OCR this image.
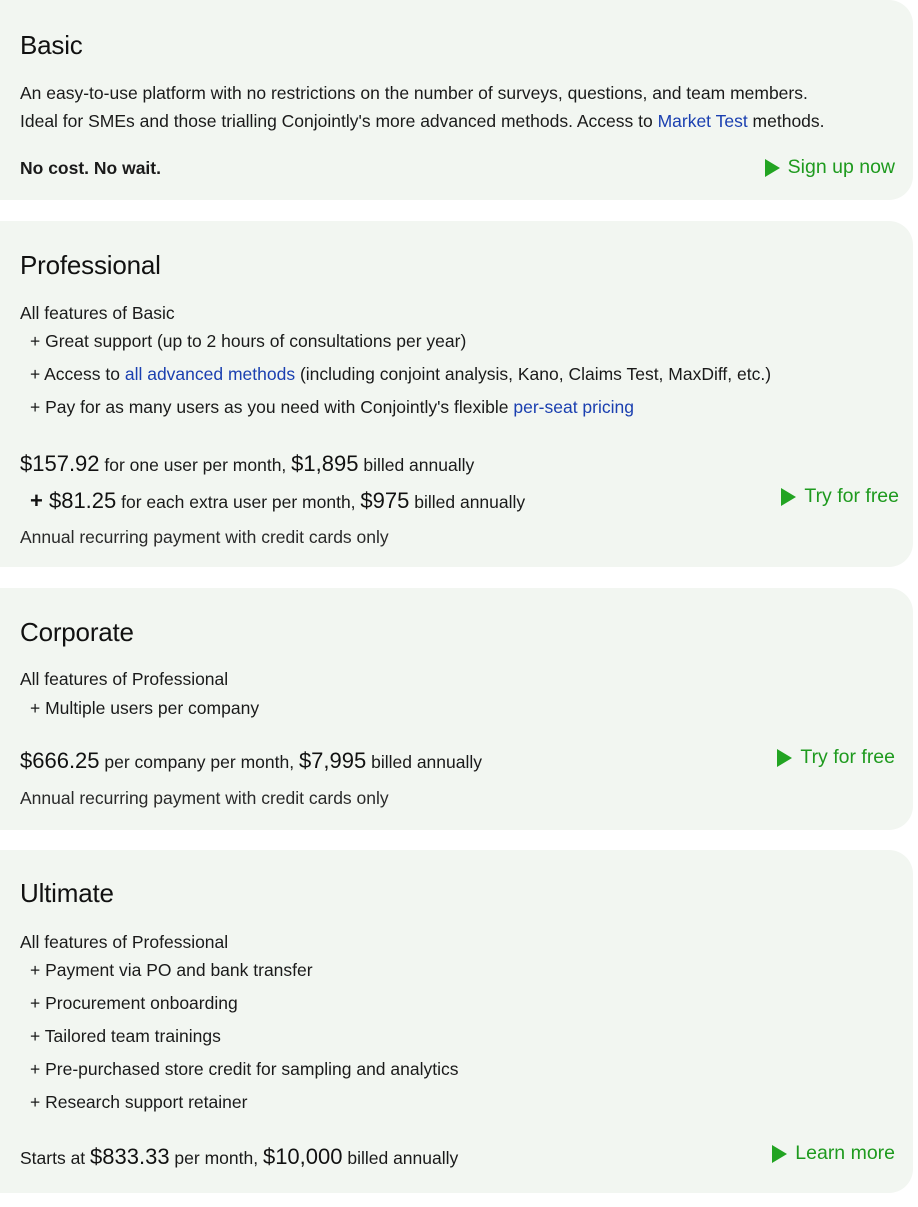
Basic
An easy-to-use platform with no restrictions on the number of surveys, questions, and team members.
Ideal for SMEs and those trialling Conjointly's more advanced methods. Access to Market Test methods.
No cost. No wait.	Sign up now
Professional
All features of Basic
+ Great support (up to 2 hours of consultations per year)
+ Access to all advanced methods (including conjoint analysis, Kano, Claims Test, MaxDiff, etc.)
+ Pay for as many users as you need with Conjointly's flexible per-seat pricing
$157.92 for one user per month, $1,895 billed annually
+ $81.25 for each extra user per month, $975 billed annually
Annual recurring payment with credit cards only
Try for free
Corporate
All features of Professional
+ Multiple users per company
$666.25 per company per month, $7,995 billed annually
Annual recurring payment with credit cards only
Try for free
Ultimate
All features of Professional
+ Payment via PO and bank transfer
+ Procurement onboarding
+ Tailored team trainings
+ Pre-purchased store credit for sampling and analytics
+ Research support retainer
Starts at $833.33 per month, $10,000 billed annually	Learn more
